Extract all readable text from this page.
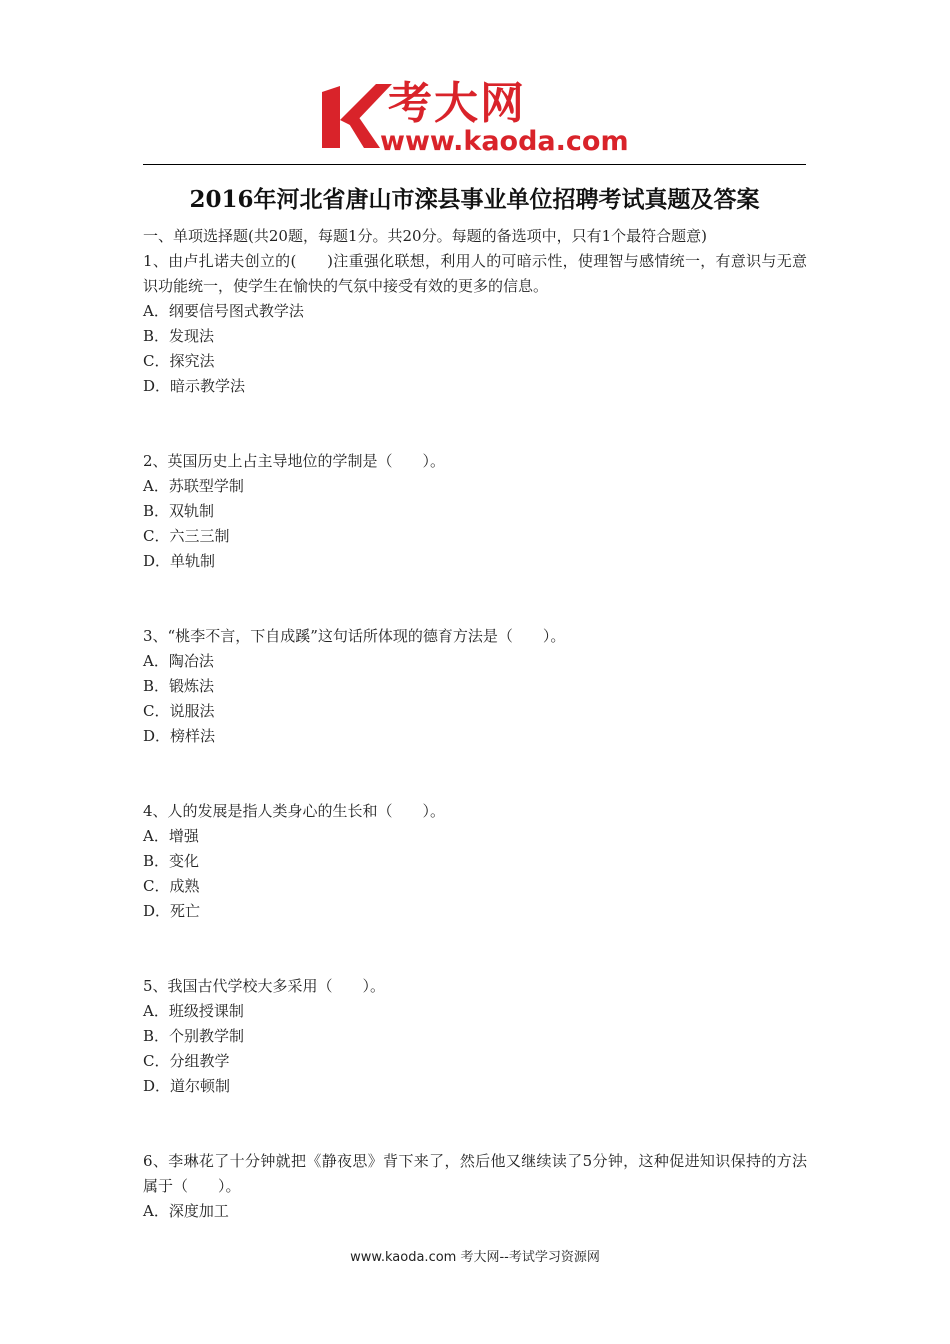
考大网
www.kaoda.com
2016年河北省唐山市滦县事业单位招聘考试真题及答案
一、单项选择题(共20题，每题1分。共20分。每题的备选项中，只有1个最符合题意)
1、由卢扎诺夫创立的(　　)注重强化联想，利用人的可暗示性，使理智与感情统一，有意识与无意识功能统一，使学生在愉快的气氛中接受有效的更多的信息。
A．纲要信号图式教学法
B．发现法
C．探究法
D．暗示教学法
2、英国历史上占主导地位的学制是（　　）。
A．苏联型学制
B．双轨制
C．六三三制
D．单轨制
3、“桃李不言，下自成蹊”这句话所体现的德育方法是（　　）。
A．陶冶法
B．锻炼法
C．说服法
D．榜样法
4、人的发展是指人类身心的生长和（　　）。
A．增强
B．变化
C．成熟
D．死亡
5、我国古代学校大多采用（　　）。
A．班级授课制
B．个别教学制
C．分组教学
D．道尔顿制
6、李琳花了十分钟就把《静夜思》背下来了，然后他又继续读了5分钟，这种促进知识保持的方法属于（　　）。
A．深度加工
www.kaoda.com 考大网--考试学习资源网
